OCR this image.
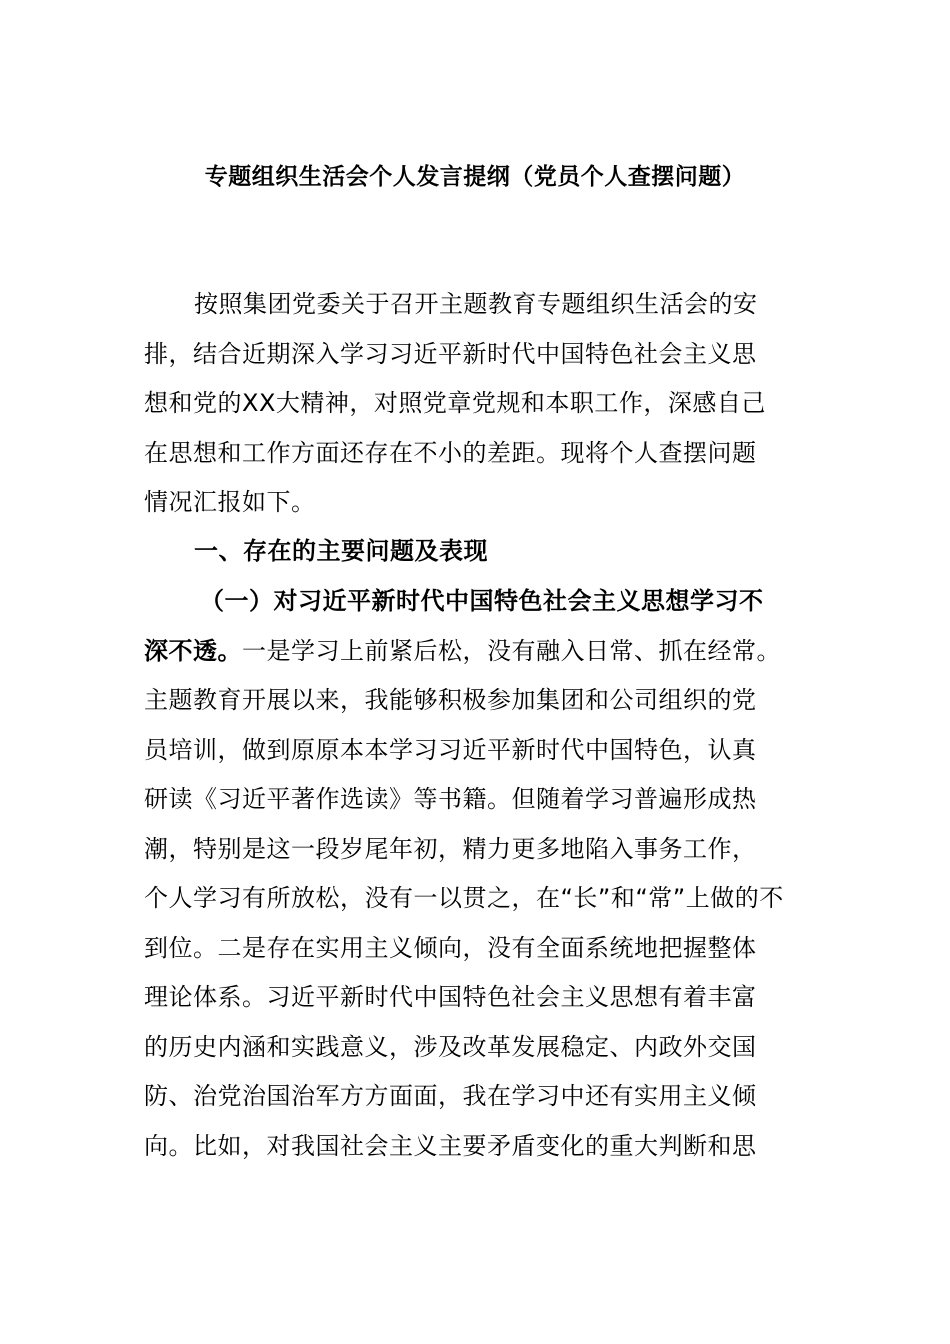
专题组织生活会个人发言提纲（党员个人查摆问题）
按照集团党委关于召开主题教育专题组织生活会的安
排，结合近期深入学习习近平新时代中国特色社会主义思
想和党的XX大精神，对照党章党规和本职工作，深感自己
在思想和工作方面还存在不小的差距。现将个人查摆问题
情况汇报如下。
一、存在的主要问题及表现
（一）对习近平新时代中国特色社会主义思想学习不
深不透。一是学习上前紧后松，没有融入日常、抓在经常。
主题教育开展以来，我能够积极参加集团和公司组织的党
员培训，做到原原本本学习习近平新时代中国特色，认真
研读《习近平著作选读》等书籍。但随着学习普遍形成热
潮，特别是这一段岁尾年初，精力更多地陷入事务工作，
个人学习有所放松，没有一以贯之，在“长”和“常”上做的不
到位。二是存在实用主义倾向，没有全面系统地把握整体
理论体系。习近平新时代中国特色社会主义思想有着丰富
的历史内涵和实践意义，涉及改革发展稳定、内政外交国
防、治党治国治军方方面面，我在学习中还有实用主义倾
向。比如，对我国社会主义主要矛盾变化的重大判断和思
